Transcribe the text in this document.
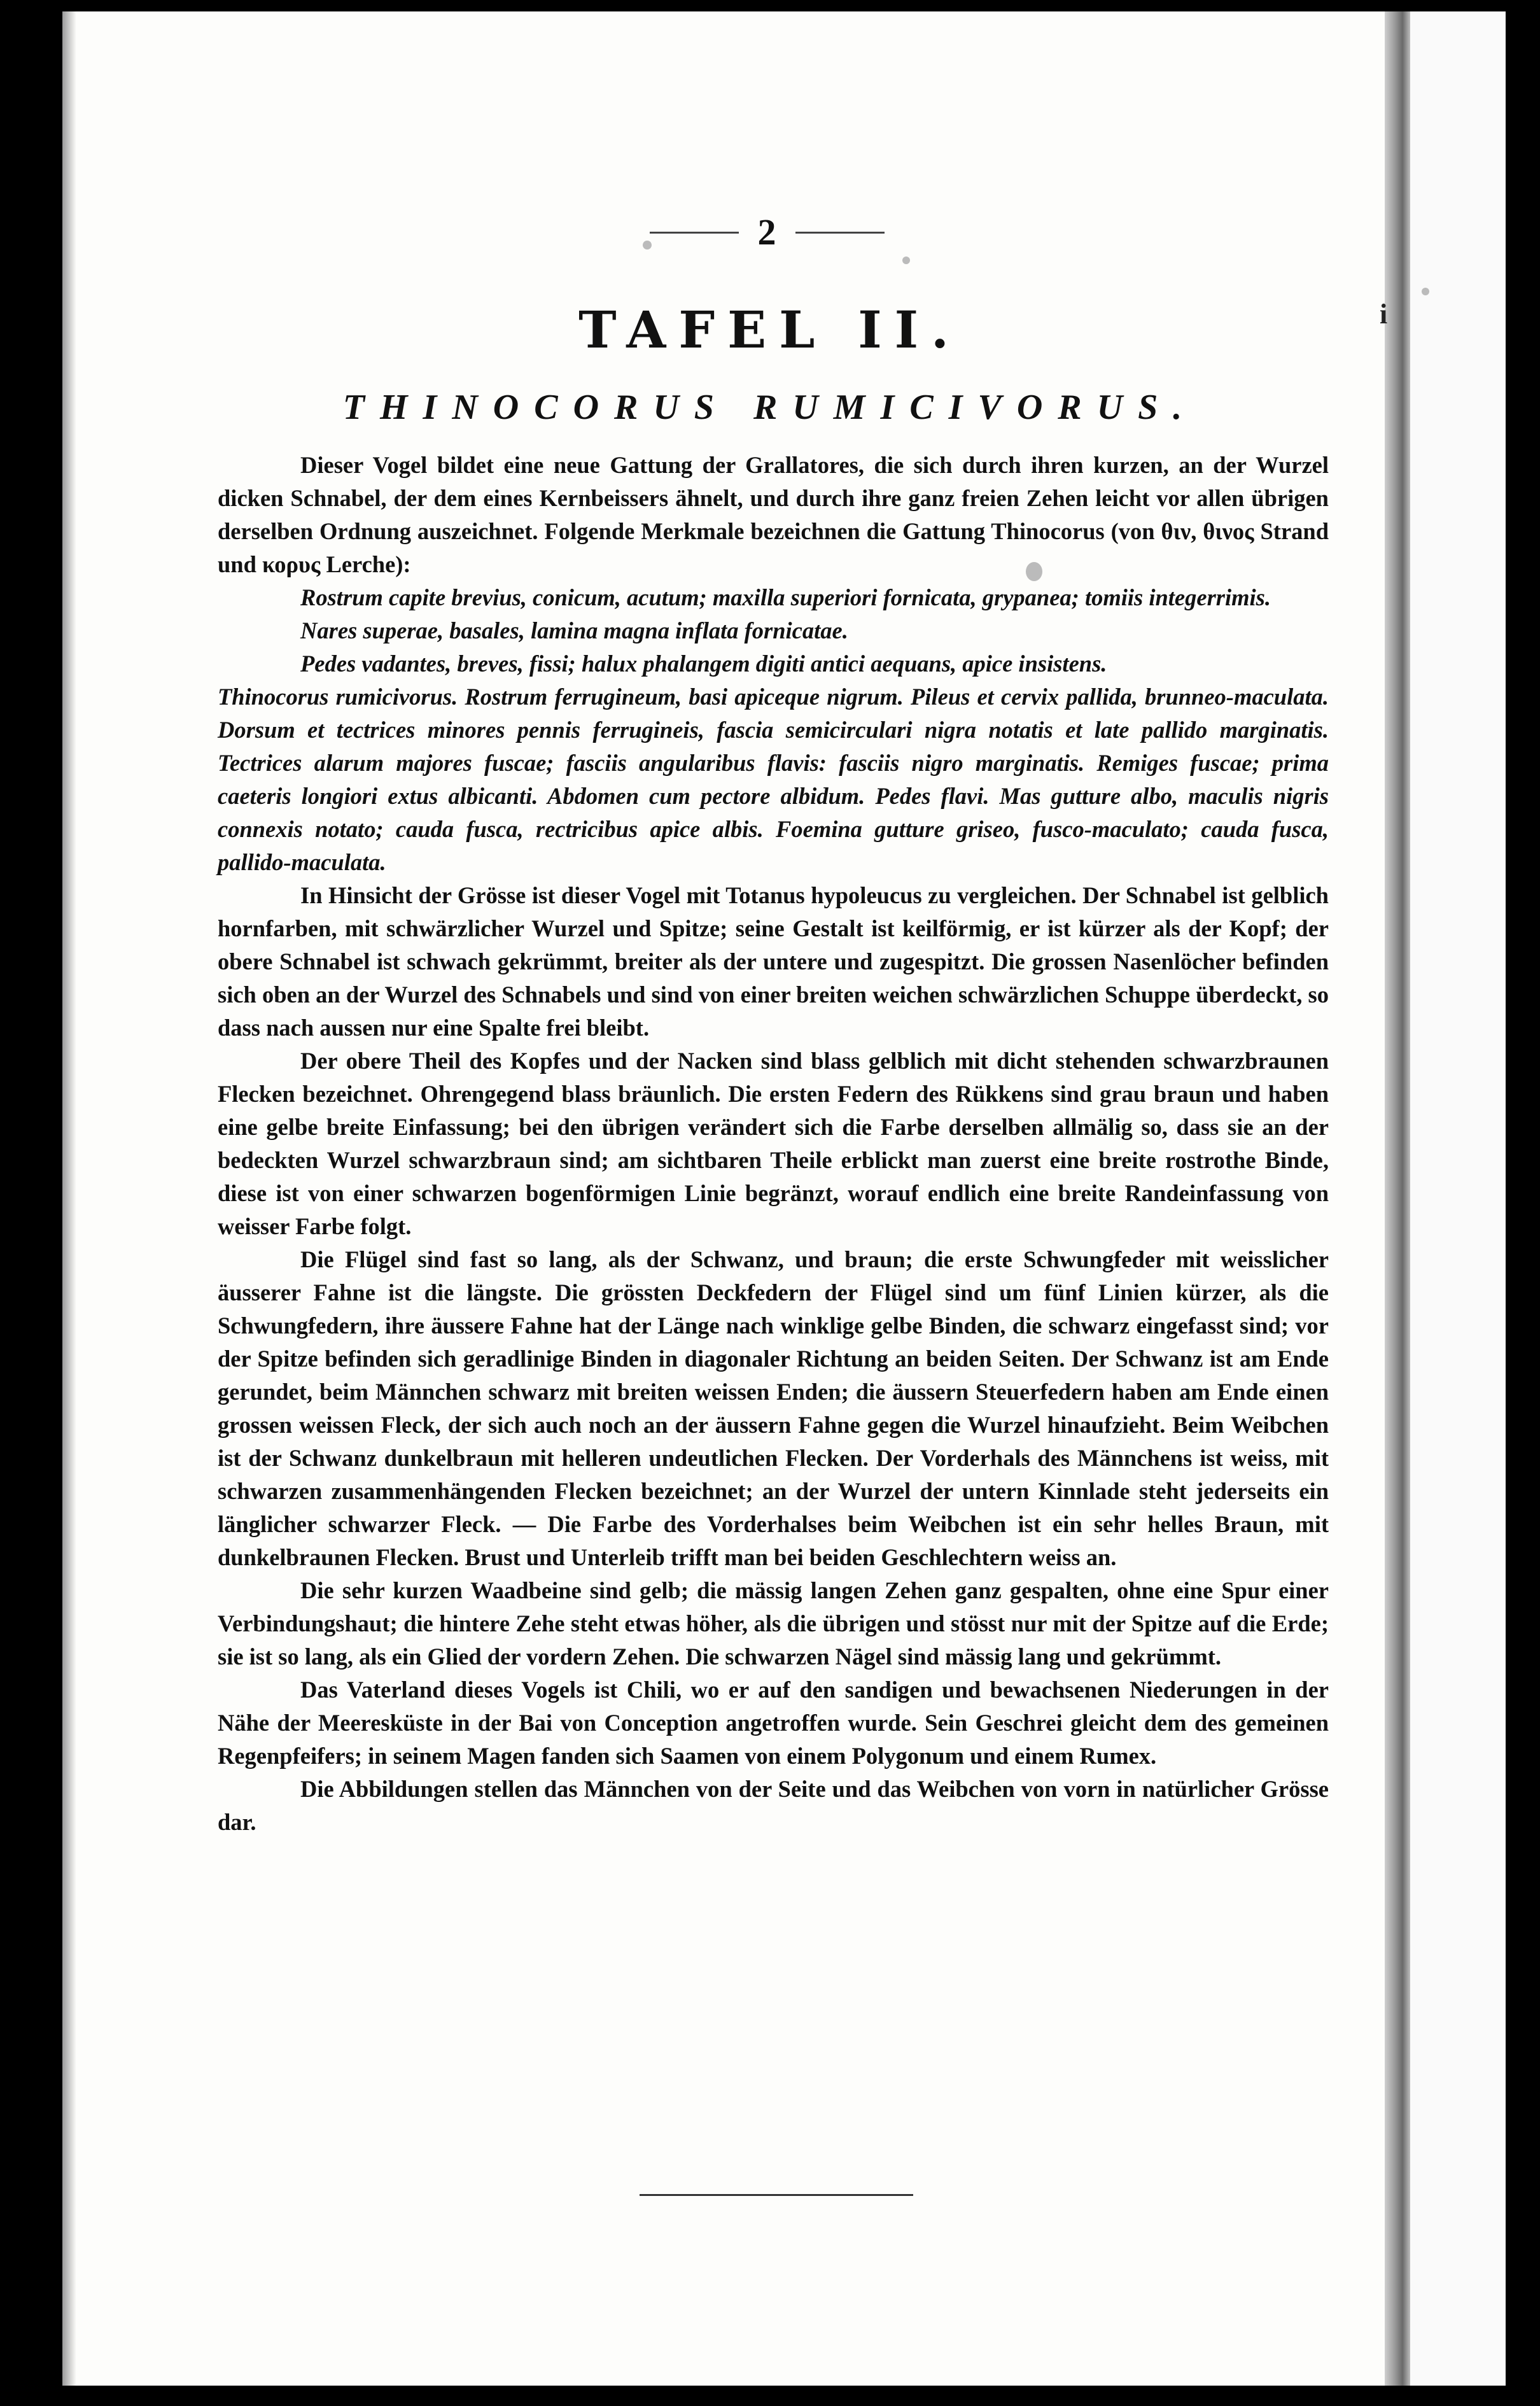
i
2
TAFEL II.
THINOCORUS RUMICIVORUS.

Dieser Vogel bildet eine neue Gattung der Grallatores, die sich durch ihren kurzen, an der Wurzel dicken Schnabel, der dem eines Kernbeissers ähnelt, und durch ihre ganz freien Zehen leicht vor allen übrigen derselben Ordnung auszeichnet. Folgende Merkmale bezeichnen die Gattung Thinocorus (von θιν, θινος Strand und κορυς Lerche):

Rostrum capite brevius, conicum, acutum; maxilla superiori fornicata, grypanea; tomiis integerrimis.

Nares superae, basales, lamina magna inflata fornicatae.

Pedes vadantes, breves, fissi; halux phalangem digiti antici aequans, apice insistens.

Thinocorus rumicivorus. Rostrum ferrugineum, basi apiceque nigrum. Pileus et cervix pallida, brunneo-maculata. Dorsum et tectrices minores pennis ferrugineis, fascia semicirculari nigra notatis et late pallido marginatis. Tectrices alarum majores fuscae; fasciis angularibus flavis: fasciis nigro marginatis. Remiges fuscae; prima caeteris longiori extus albicanti. Abdomen cum pectore albidum. Pedes flavi. Mas gutture albo, maculis nigris connexis notato; cauda fusca, rectricibus apice albis. Foemina gutture griseo, fusco-maculato; cauda fusca, pallido-maculata.

In Hinsicht der Grösse ist dieser Vogel mit Totanus hypoleucus zu vergleichen. Der Schnabel ist gelblich hornfarben, mit schwärzlicher Wurzel und Spitze; seine Gestalt ist keilförmig, er ist kürzer als der Kopf; der obere Schnabel ist schwach gekrümmt, breiter als der untere und zugespitzt. Die grossen Nasenlöcher befinden sich oben an der Wurzel des Schnabels und sind von einer breiten weichen schwärzlichen Schuppe überdeckt, so dass nach aussen nur eine Spalte frei bleibt.

Der obere Theil des Kopfes und der Nacken sind blass gelblich mit dicht stehenden schwarzbraunen Flecken bezeichnet. Ohrengegend blass bräunlich. Die ersten Federn des Rükkens sind grau braun und haben eine gelbe breite Einfassung; bei den übrigen verändert sich die Farbe derselben allmälig so, dass sie an der bedeckten Wurzel schwarzbraun sind; am sichtbaren Theile erblickt man zuerst eine breite rostrothe Binde, diese ist von einer schwarzen bogenförmigen Linie begränzt, worauf endlich eine breite Randeinfassung von weisser Farbe folgt.

Die Flügel sind fast so lang, als der Schwanz, und braun; die erste Schwungfeder mit weisslicher äusserer Fahne ist die längste. Die grössten Deckfedern der Flügel sind um fünf Linien kürzer, als die Schwungfedern, ihre äussere Fahne hat der Länge nach winklige gelbe Binden, die schwarz eingefasst sind; vor der Spitze befinden sich geradlinige Binden in diagonaler Richtung an beiden Seiten. Der Schwanz ist am Ende gerundet, beim Männchen schwarz mit breiten weissen Enden; die äussern Steuerfedern haben am Ende einen grossen weissen Fleck, der sich auch noch an der äussern Fahne gegen die Wurzel hinaufzieht. Beim Weibchen ist der Schwanz dunkelbraun mit helleren undeutlichen Flecken. Der Vorderhals des Männchens ist weiss, mit schwarzen zusammenhängenden Flecken bezeichnet; an der Wurzel der untern Kinnlade steht jederseits ein länglicher schwarzer Fleck. — Die Farbe des Vorderhalses beim Weibchen ist ein sehr helles Braun, mit dunkelbraunen Flecken. Brust und Unterleib trifft man bei beiden Geschlechtern weiss an.

Die sehr kurzen Waadbeine sind gelb; die mässig langen Zehen ganz gespalten, ohne eine Spur einer Verbindungshaut; die hintere Zehe steht etwas höher, als die übrigen und stösst nur mit der Spitze auf die Erde; sie ist so lang, als ein Glied der vordern Zehen. Die schwarzen Nägel sind mässig lang und gekrümmt.

Das Vaterland dieses Vogels ist Chili, wo er auf den sandigen und bewachsenen Niederungen in der Nähe der Meeresküste in der Bai von Conception angetroffen wurde. Sein Geschrei gleicht dem des gemeinen Regenpfeifers; in seinem Magen fanden sich Saamen von einem Polygonum und einem Rumex.

Die Abbildungen stellen das Männchen von der Seite und das Weibchen von vorn in natürlicher Grösse dar.
